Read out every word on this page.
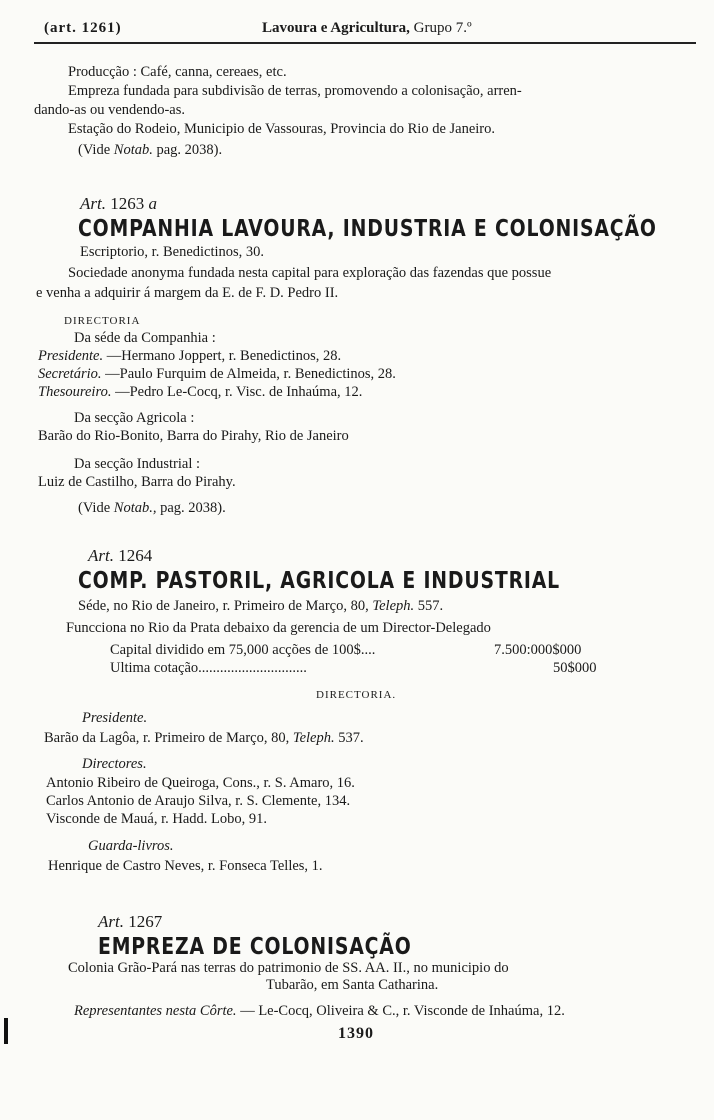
(art. 1261)	Lavoura e Agricultura, Grupo 7.º
Producção : Café, canna, cereaes, etc.
Empreza fundada para subdivisão de terras, promovendo a colonisação, arren-
dando-as ou vendendo-as.
Estação do Rodeio, Municipio de Vassouras, Provincia do Rio de Janeiro.
(Vide Notab. pag. 2038).
Art. 1263 a
COMPANHIA LAVOURA, INDUSTRIA E COLONISAÇÃO
Escriptorio, r. Benedictinos, 30.
Sociedade anonyma fundada nesta capital para exploração das fazendas que possue
e venha a adquirir á margem da E. de F. D. Pedro II.
DIRECTORIA
Da séde da Companhia :
Presidente. —Hermano Joppert, r. Benedictinos, 28.
Secretário. —Paulo Furquim de Almeida, r. Benedictinos, 28.
Thesoureiro. —Pedro Le-Cocq, r. Visc. de Inhaúma, 12.
Da secção Agricola :
Barão do Rio-Bonito, Barra do Pirahy, Rio de Janeiro
Da secção Industrial :
Luiz de Castilho, Barra do Pirahy.
(Vide Notab., pag. 2038).
Art. 1264
COMP. PASTORIL, AGRICOLA E INDUSTRIAL
Séde, no Rio de Janeiro, r. Primeiro de Março, 80, Teleph. 557.
Funcciona no Rio da Prata debaixo da gerencia de um Director-Delegado
Capital dividido em 75,000 acções de 100$....	7.500:000$000
Ultima cotação..............................	50$000
DIRECTORIA.
Presidente.
Barão da Lagôa, r. Primeiro de Março, 80, Teleph. 537.
Directores.
Antonio Ribeiro de Queiroga, Cons., r. S. Amaro, 16.
Carlos Antonio de Araujo Silva, r. S. Clemente, 134.
Visconde de Mauá, r. Hadd. Lobo, 91.
Guarda-livros.
Henrique de Castro Neves, r. Fonseca Telles, 1.
Art. 1267
EMPREZA DE COLONISAÇÃO
Colonia Grão-Pará nas terras do patrimonio de SS. AA. II., no municipio do
Tubarão, em Santa Catharina.
Representantes nesta Côrte. — Le-Cocq, Oliveira & C., r. Visconde de Inhaúma, 12.
1390
